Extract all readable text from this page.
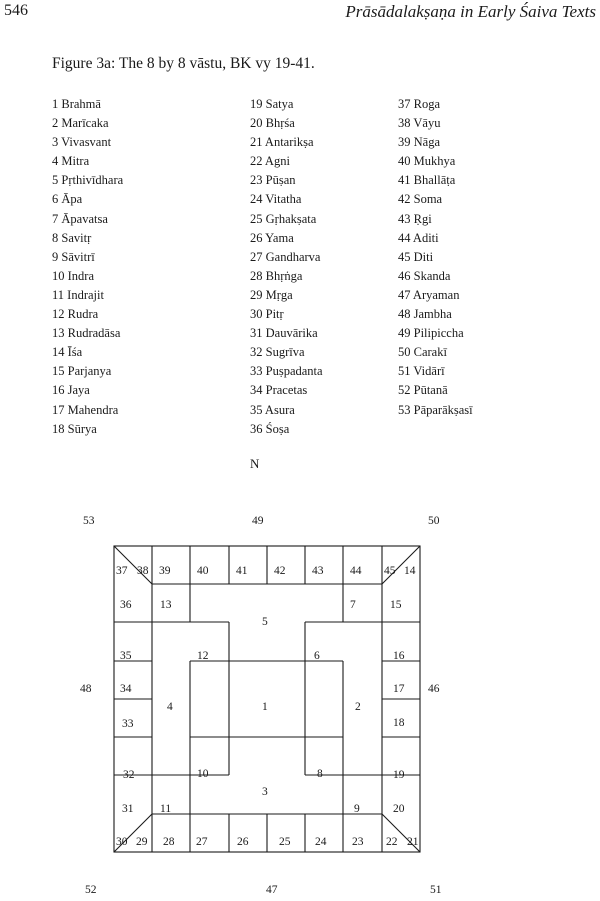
546	Prāsādalakṣaṇa in Early Śaiva Texts
Figure 3a: The 8 by 8 vāstu, BK vy 19-41.
1 Brahmā
2 Marīcaka
3 Vivasvant
4 Mitra
5 Pṛthivīdhara
6 Āpa
7 Āpavatsa
8 Savitṛ
9 Sāvitrī
10 Indra
11 Indrajit
12 Rudra
13 Rudradāsa
14 Īśa
15 Parjanya
16 Jaya
17 Mahendra
18 Sūrya
19 Satya
20 Bhṛśa
21 Antarikṣa
22 Agni
23 Pūṣan
24 Vitatha
25 Gṛhakṣata
26 Yama
27 Gandharva
28 Bhṛṅga
29 Mṛga
30 Pitṛ
31 Dauvārika
32 Sugrīva
33 Puṣpadanta
34 Pracetas
35 Asura
36 Śoṣa
37 Roga
38 Vāyu
39 Nāga
40 Mukhya
41 Bhallāṭa
42 Soma
43 Ṛgi
44 Aditi
45 Diti
46 Skanda
47 Aryaman
48 Jambha
49 Pilipiccha
50 Carakī
51 Vidārī
52 Pūtanā
53 Pāparākṣasī
N
53	49	50
48	46
52	47	51
39 40 41 42 43 44
28 27	26	25 24 23
36
35
34
33
32
31
15
16
17
18
19
20
37 38	45 14
30 29	22 21
1	2
3
4
5
6
7
8
9
10
11
12
13
